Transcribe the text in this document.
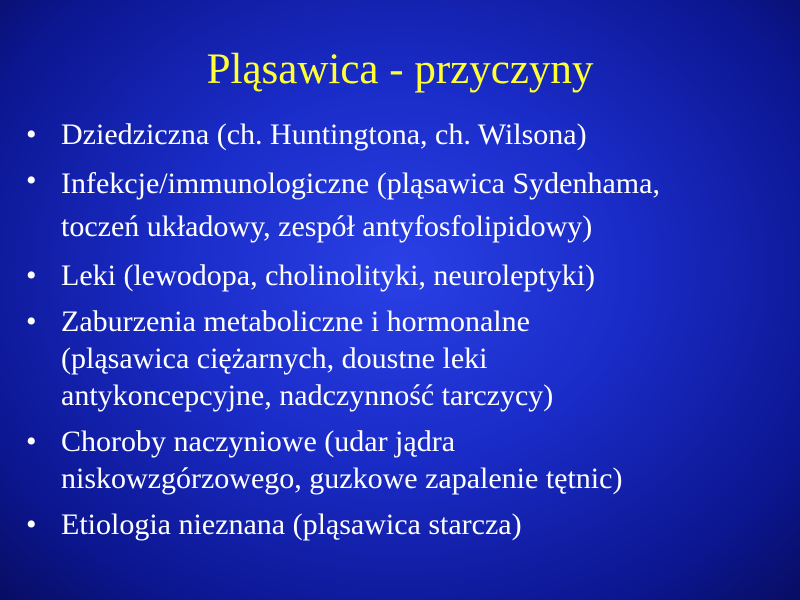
Pląsawica - przyczyny
• Dziedziczna (ch. Huntingtona, ch. Wilsona)
• Infekcje/immunologiczne (pląsawica Sydenhama,
toczeń układowy, zespół antyfosfolipidowy)
• Leki (lewodopa, cholinolityki, neuroleptyki)
• Zaburzenia metaboliczne i hormonalne
(pląsawica ciężarnych, doustne leki
antykoncepcyjne, nadczynność tarczycy)
• Choroby naczyniowe (udar jądra
niskowzgórzowego, guzkowe zapalenie tętnic)
• Etiologia nieznana (pląsawica starcza)
